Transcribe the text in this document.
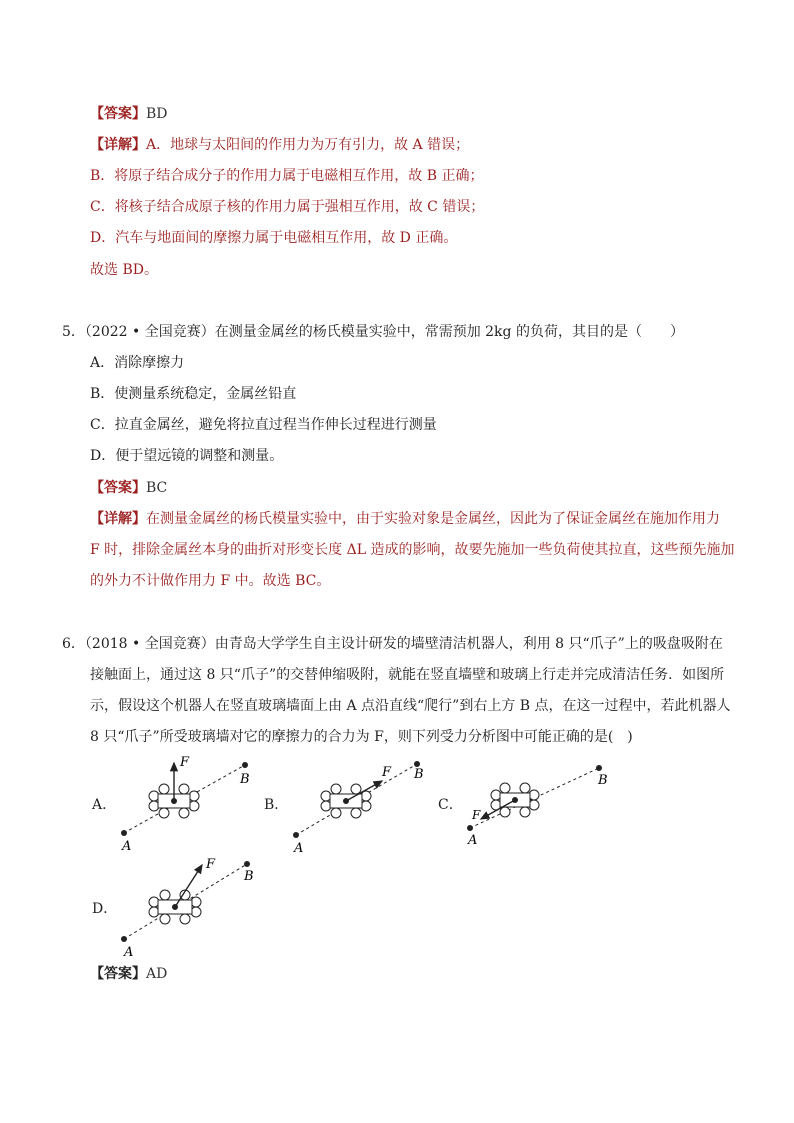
【答案】BD
【详解】A．地球与太阳间的作用力为万有引力，故 A 错误；
B．将原子结合成分子的作用力属于电磁相互作用，故 B 正确；
C．将核子结合成原子核的作用力属于强相互作用，故 C 错误；
D．汽车与地面间的摩擦力属于电磁相互作用，故 D 正确。
故选 BD。
5．（2022 • 全国竞赛）在测量金属丝的杨氏模量实验中，常需预加 2kg 的负荷，其目的是（　　）
A．消除摩擦力
B．使测量系统稳定，金属丝铅直
C．拉直金属丝，避免将拉直过程当作伸长过程进行测量
D．便于望远镜的调整和测量。
【答案】BC
【详解】在测量金属丝的杨氏模量实验中，由于实验对象是金属丝，因此为了保证金属丝在施加作用力
F 时，排除金属丝本身的曲折对形变长度 ΔL 造成的影响，故要先施加一些负荷使其拉直，这些预先施加
的外力不计做作用力 F 中。故选 BC。
6．（2018 • 全国竞赛）由青岛大学学生自主设计研发的墙壁清洁机器人，利用 8 只“爪子”上的吸盘吸附在
接触面上，通过这 8 只“爪子”的交替伸缩吸附，就能在竖直墙壁和玻璃上行走并完成清洁任务．如图所
示，假设这个机器人在竖直玻璃墙面上由 A 点沿直线“爬行”到右上方 B 点，在这一过程中，若此机器人
8 只“爪子”所受玻璃墙对它的摩擦力的合力为 F，则下列受力分析图中可能正确的是(　)
A．	B．	C．
D．
F
A
B	F
A
B
F
A
B
F
A
B
【答案】AD
